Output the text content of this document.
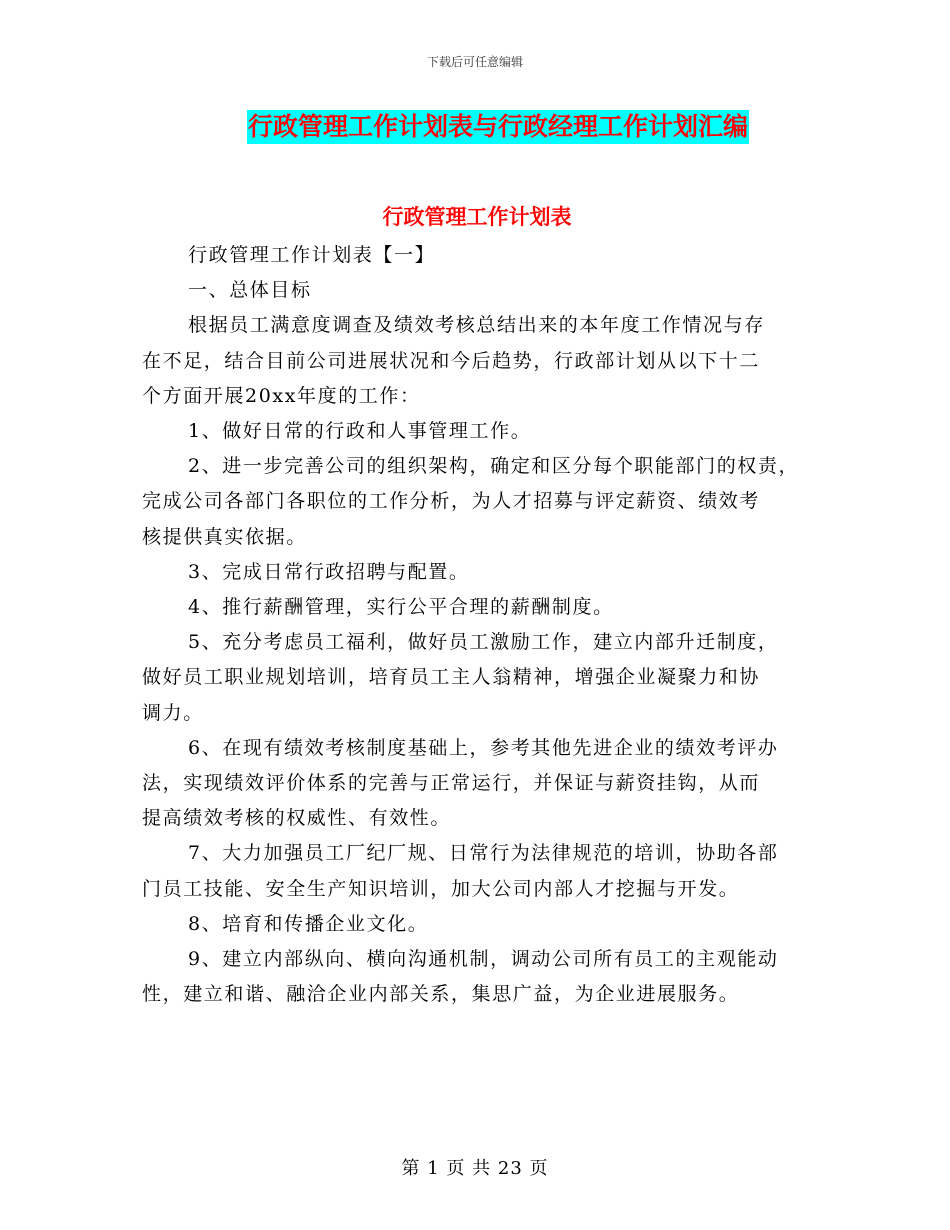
下载后可任意编辑
行政管理工作计划表与行政经理工作计划汇编
行政管理工作计划表
行政管理工作计划表【一】
一、总体目标
根据员工满意度调查及绩效考核总结出来的本年度工作情况与存
在不足，结合目前公司进展状况和今后趋势，行政部计划从以下十二
个方面开展20xx年度的工作：
1、做好日常的行政和人事管理工作。
2、进一步完善公司的组织架构，确定和区分每个职能部门的权责，
完成公司各部门各职位的工作分析，为人才招募与评定薪资、绩效考
核提供真实依据。
3、完成日常行政招聘与配置。
4、推行薪酬管理，实行公平合理的薪酬制度。
5、充分考虑员工福利，做好员工激励工作，建立内部升迁制度，
做好员工职业规划培训，培育员工主人翁精神，增强企业凝聚力和协
调力。
6、在现有绩效考核制度基础上，参考其他先进企业的绩效考评办
法，实现绩效评价体系的完善与正常运行，并保证与薪资挂钩，从而
提高绩效考核的权威性、有效性。
7、大力加强员工厂纪厂规、日常行为法律规范的培训，协助各部
门员工技能、安全生产知识培训，加大公司内部人才挖掘与开发。
8、培育和传播企业文化。
9、建立内部纵向、横向沟通机制，调动公司所有员工的主观能动
性，建立和谐、融洽企业内部关系，集思广益，为企业进展服务。
第 1 页 共 23 页
